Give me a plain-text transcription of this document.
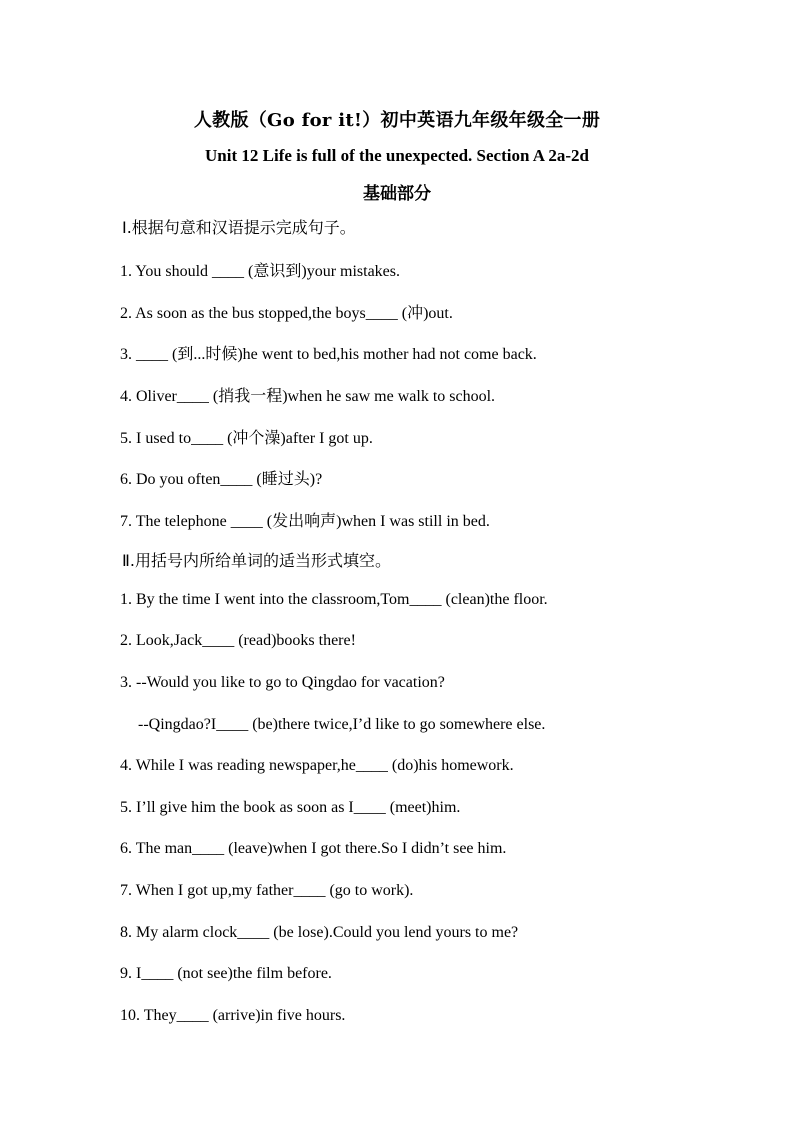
人教版（Go for it!）初中英语九年级年级全一册
Unit 12 Life is full of the unexpected. Section A 2a-2d
基础部分
Ⅰ.根据句意和汉语提示完成句子。
1. You should ____ (意识到)your mistakes.
2. As soon as the bus stopped,the boys____ (冲)out.
3. ____ (到...时候)he went to bed,his mother had not come back.
4. Oliver____ (捎我一程)when he saw me walk to school.
5. I used to____ (冲个澡)after I got up.
6. Do you often____ (睡过头)?
7. The telephone ____ (发出响声)when I was still in bed.
Ⅱ.用括号内所给单词的适当形式填空。
1. By the time I went into the classroom,Tom____ (clean)the floor.
2. Look,Jack____ (read)books there!
3. --Would you like to go to Qingdao for vacation?
--Qingdao?I____ (be)there twice,I’d like to go somewhere else.
4. While I was reading newspaper,he____ (do)his homework.
5. I’ll give him the book as soon as I____ (meet)him.
6. The man____ (leave)when I got there.So I didn’t see him.
7. When I got up,my father____ (go to work).
8. My alarm clock____ (be lose).Could you lend yours to me?
9. I____ (not see)the film before.
10. They____ (arrive)in five hours.
